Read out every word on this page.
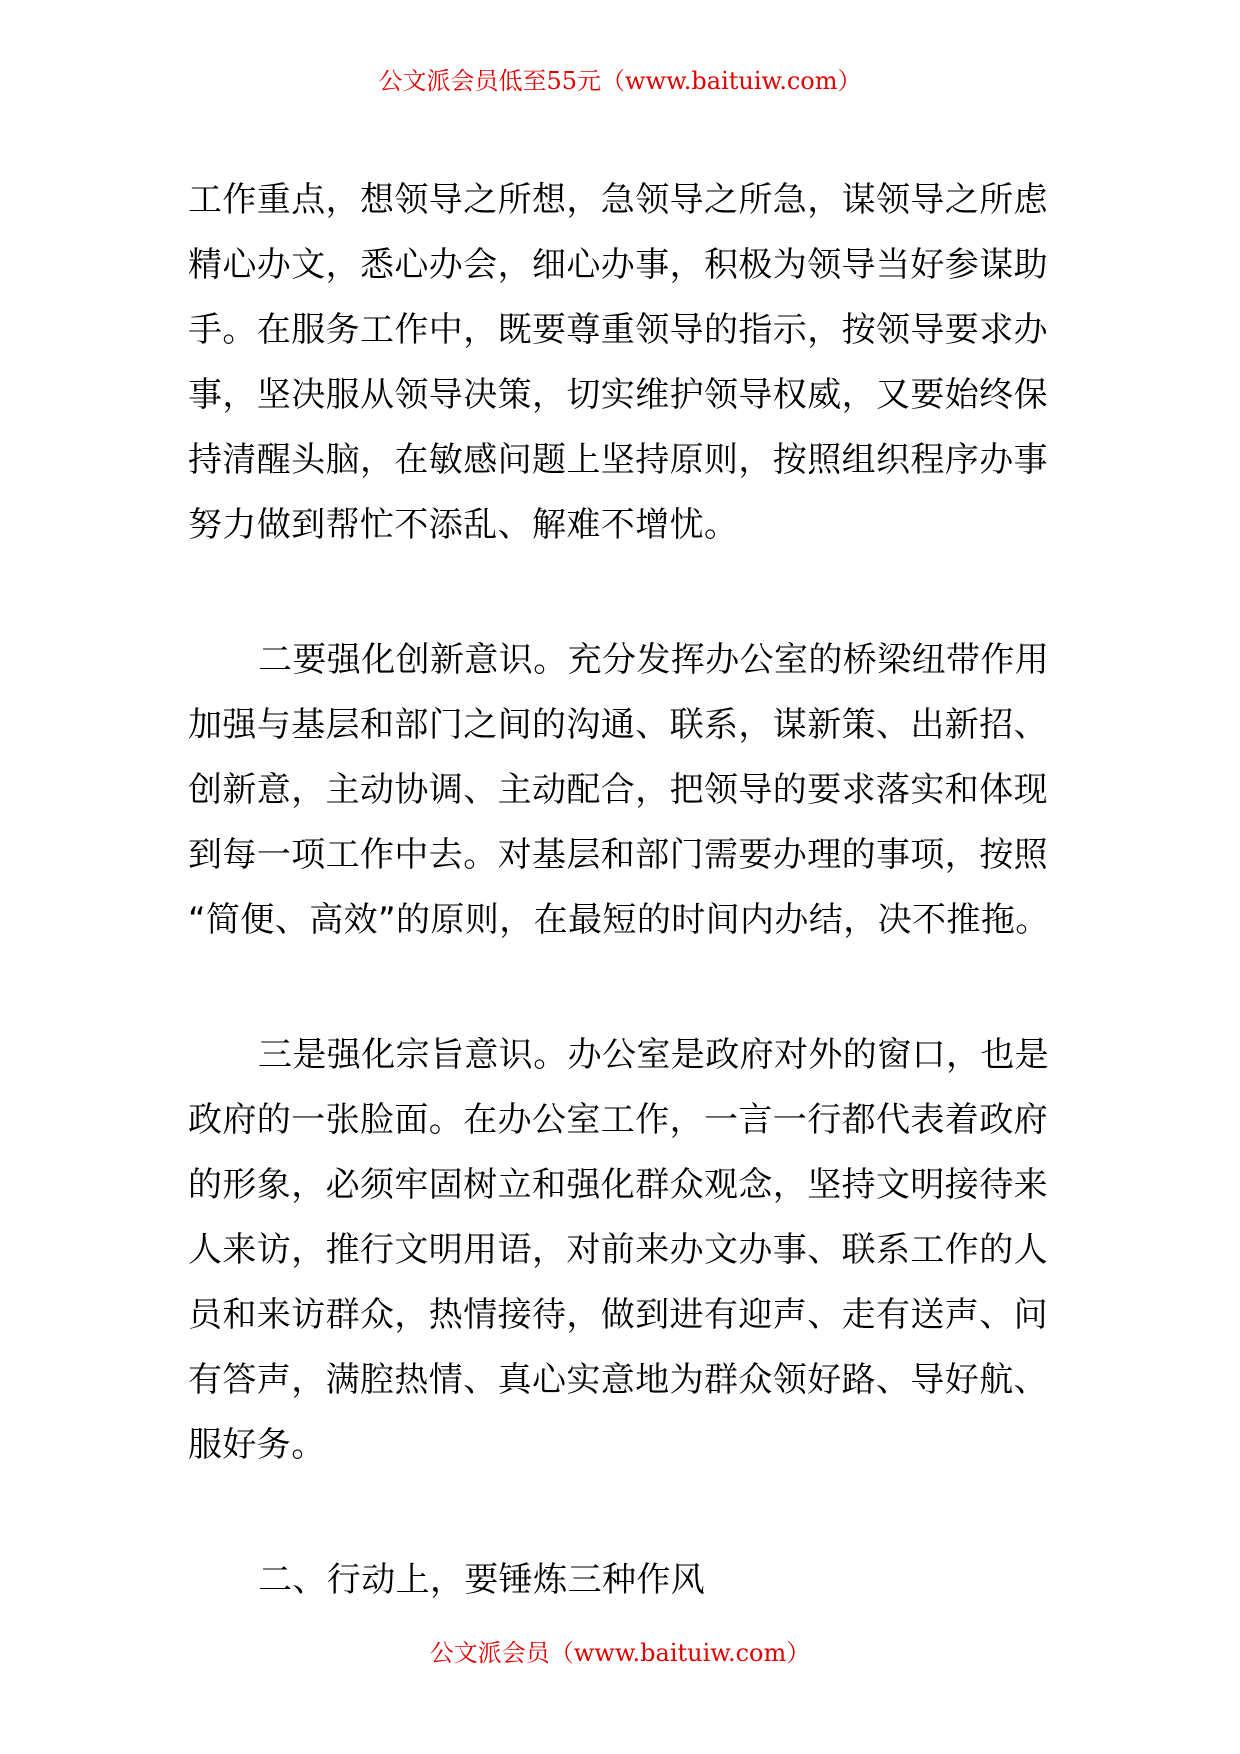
公文派会员低至55元（www.baituiw.com）
工作重点，想领导之所想，急领导之所急，谋领导之所虑
精心办文，悉心办会，细心办事，积极为领导当好参谋助
手。在服务工作中，既要尊重领导的指示，按领导要求办
事，坚决服从领导决策，切实维护领导权威，又要始终保
持清醒头脑，在敏感问题上坚持原则，按照组织程序办事
努力做到帮忙不添乱、解难不增忧。
二要强化创新意识。充分发挥办公室的桥梁纽带作用
加强与基层和部门之间的沟通、联系，谋新策、出新招、
创新意，主动协调、主动配合，把领导的要求落实和体现
到每一项工作中去。对基层和部门需要办理的事项，按照
“简便、高效”的原则，在最短的时间内办结，决不推拖。
三是强化宗旨意识。办公室是政府对外的窗口，也是
政府的一张脸面。在办公室工作，一言一行都代表着政府
的形象，必须牢固树立和强化群众观念，坚持文明接待来
人来访，推行文明用语，对前来办文办事、联系工作的人
员和来访群众，热情接待，做到进有迎声、走有送声、问
有答声，满腔热情、真心实意地为群众领好路、导好航、
服好务。
二、行动上，要锤炼三种作风
公文派会员（www.baituiw.com）
